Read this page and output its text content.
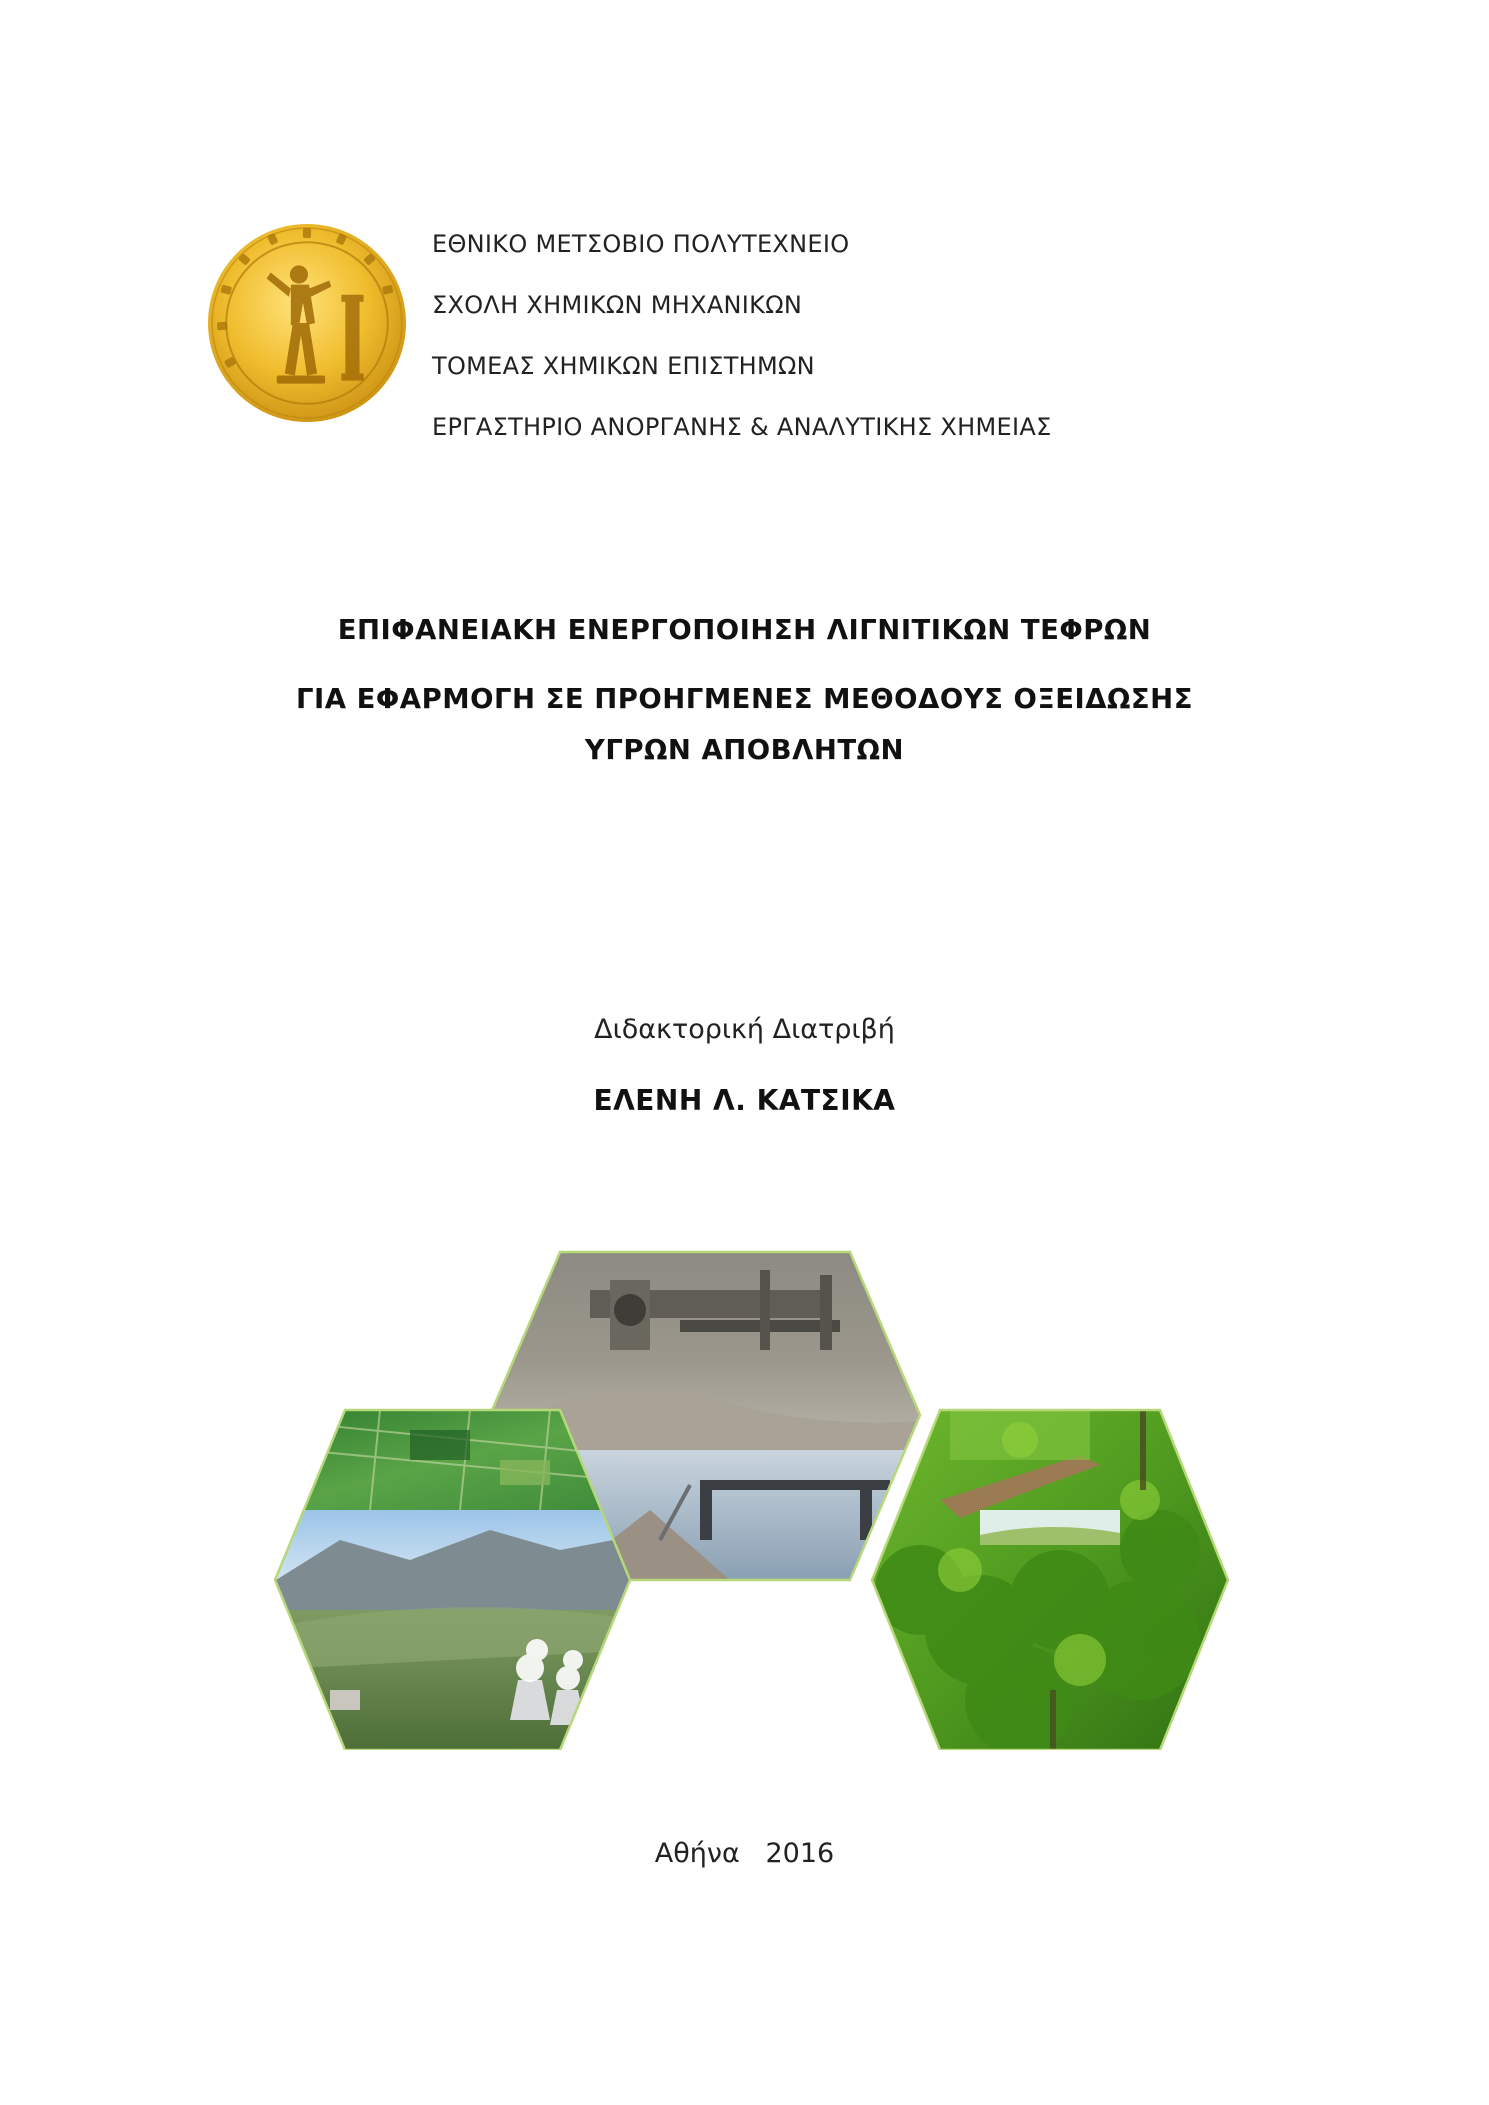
ΕΘΝΙΚΟ ΜΕΤΣΟΒΙΟ ΠΟΛΥΤΕΧΝΕΙΟ
ΣΧΟΛΗ ΧΗΜΙΚΩΝ ΜΗΧΑΝΙΚΩΝ
ΤΟΜΕΑΣ ΧΗΜΙΚΩΝ ΕΠΙΣΤΗΜΩΝ
ΕΡΓΑΣΤΗΡΙΟ ΑΝΟΡΓΑΝΗΣ & ΑΝΑΛΥΤΙΚΗΣ ΧΗΜΕΙΑΣ
ΕΠΙΦΑΝΕΙΑΚΗ ΕΝΕΡΓΟΠΟΙΗΣΗ ΛΙΓΝΙΤΙΚΩΝ ΤΕΦΡΩΝ
ΓΙΑ ΕΦΑΡΜΟΓΗ ΣΕ ΠΡΟΗΓΜΕΝΕΣ ΜΕΘΟΔΟΥΣ ΟΞΕΙΔΩΣΗΣ
ΥΓΡΩΝ ΑΠΟΒΛΗΤΩΝ
Διδακτορική Διατριβή
ΕΛΕΝΗ Λ. ΚΑΤΣΙΚΑ
Αθήνα   2016
